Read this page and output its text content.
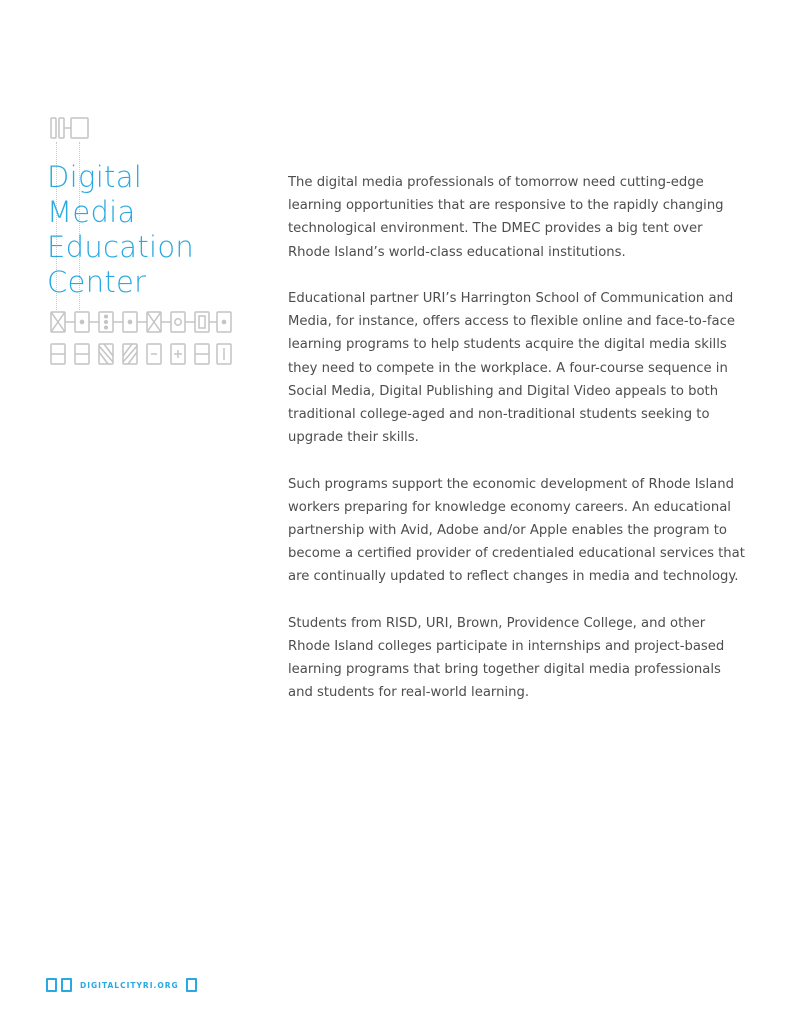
Digital
Media
Education
Center

The digital media professionals of tomorrow need cutting-edge learning opportunities that are responsive to the rapidly changing technological environment. The DMEC provides a big tent over Rhode Island’s world-class educational institutions.

Educational partner URI’s Harrington School of Communication and Media, for instance, offers access to flexible online and face-to-face learning programs to help students acquire the digital media skills they need to compete in the workplace. A four-course sequence in Social Media, Digital Publishing and Digital Video appeals to both traditional college-aged and non-traditional students seeking to upgrade their skills.

Such programs support the economic development of Rhode Island workers preparing for knowledge economy careers. An educational partnership with Avid, Adobe and/or Apple enables the program to become a certified provider of credentialed educational services that are continually updated to reflect changes in media and technology.

Students from RISD, URI, Brown, Providence College, and other Rhode Island colleges participate in internships and project-based learning programs that bring together digital media professionals and students for real-world learning.

DIGITALCITYRI.ORG
